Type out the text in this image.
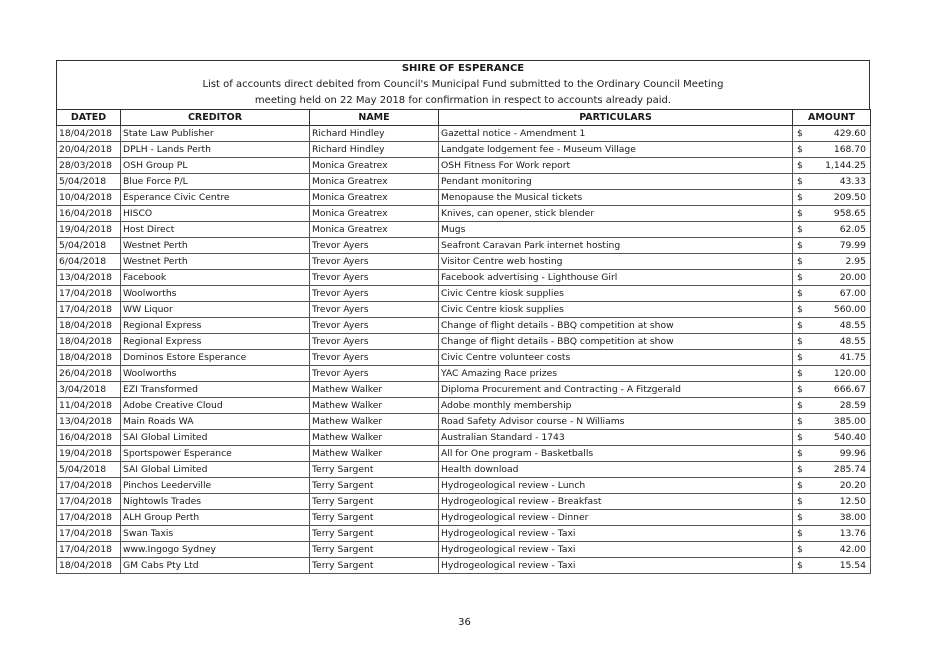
SHIRE OF ESPERANCE
List of accounts direct debited from Council's Municipal Fund submitted to the Ordinary Council Meeting
meeting held on 22 May 2018 for confirmation in respect to accounts already paid.
DATED	CREDITOR	NAME	PARTICULARS	AMOUNT
18/04/2018	State Law Publisher	Richard Hindley	Gazettal notice - Amendment 1	$ 429.60

20/04/2018	DPLH - Lands Perth	Richard Hindley	Landgate lodgement fee - Museum Village	$ 168.70

28/03/2018	OSH Group PL	Monica Greatrex	OSH Fitness For Work report	$ 1,144.25

5/04/2018	Blue Force P/L	Monica Greatrex	Pendant monitoring	$ 43.33

10/04/2018	Esperance Civic Centre	Monica Greatrex	Menopause the Musical tickets	$ 209.50

16/04/2018	HISCO	Monica Greatrex	Knives, can opener, stick blender	$ 958.65

19/04/2018	Host Direct	Monica Greatrex	Mugs	$ 62.05

5/04/2018	Westnet Perth	Trevor Ayers	Seafront Caravan Park internet hosting	$ 79.99

6/04/2018	Westnet Perth	Trevor Ayers	Visitor Centre web hosting	$ 2.95

13/04/2018	Facebook	Trevor Ayers	Facebook advertising - Lighthouse Girl	$ 20.00

17/04/2018	Woolworths	Trevor Ayers	Civic Centre kiosk supplies	$ 67.00

17/04/2018	WW Liquor	Trevor Ayers	Civic Centre kiosk supplies	$ 560.00

18/04/2018	Regional Express	Trevor Ayers	Change of flight details - BBQ competition at show	$ 48.55

18/04/2018	Regional Express	Trevor Ayers	Change of flight details - BBQ competition at show	$ 48.55

18/04/2018	Dominos Estore Esperance	Trevor Ayers	Civic Centre volunteer costs	$ 41.75

26/04/2018	Woolworths	Trevor Ayers	YAC Amazing Race prizes	$ 120.00

3/04/2018	EZI Transformed	Mathew Walker	Diploma Procurement and Contracting - A Fitzgerald	$ 666.67

11/04/2018	Adobe Creative Cloud	Mathew Walker	Adobe monthly membership	$ 28.59

13/04/2018	Main Roads WA	Mathew Walker	Road Safety Advisor course - N Williams	$ 385.00

16/04/2018	SAI Global Limited	Mathew Walker	Australian Standard - 1743	$ 540.40

19/04/2018	Sportspower Esperance	Mathew Walker	All for One program - Basketballs	$ 99.96

5/04/2018	SAI Global Limited	Terry Sargent	Health download	$ 285.74

17/04/2018	Pinchos Leederville	Terry Sargent	Hydrogeological review - Lunch	$ 20.20

17/04/2018	Nightowls Trades	Terry Sargent	Hydrogeological review - Breakfast	$ 12.50

17/04/2018	ALH Group Perth	Terry Sargent	Hydrogeological review - Dinner	$ 38.00

17/04/2018	Swan Taxis	Terry Sargent	Hydrogeological review - Taxi	$ 13.76

17/04/2018	www.Ingogo Sydney	Terry Sargent	Hydrogeological review - Taxi	$ 42.00

18/04/2018	GM Cabs Pty Ltd	Terry Sargent	Hydrogeological review - Taxi	$ 15.54
36
